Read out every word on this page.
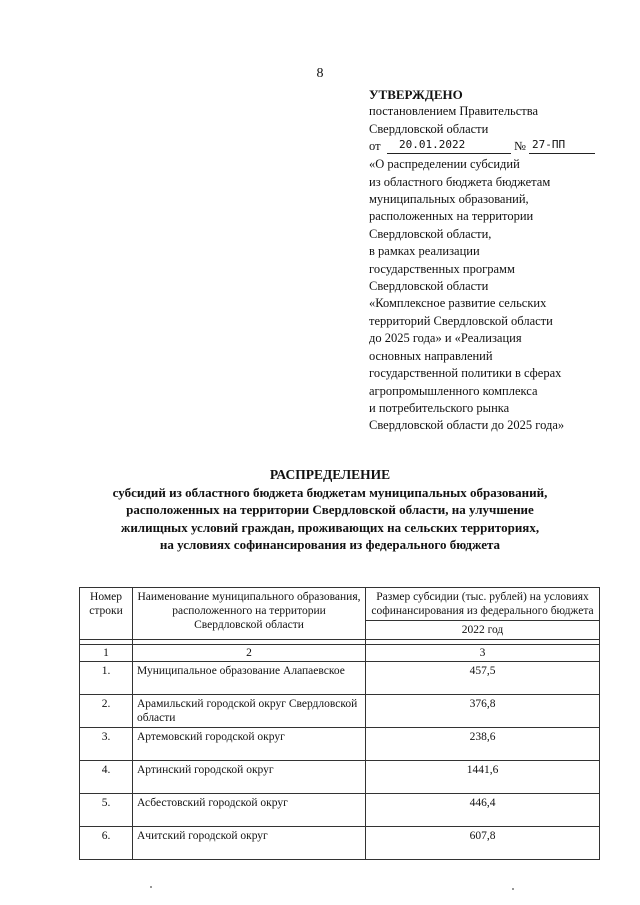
8
УТВЕРЖДЕНО
постановлением Правительства
Свердловской области
от 20.01.2022	№ 27-ПП
«О распределении субсидий
из областного бюджета бюджетам
муниципальных образований,
расположенных на территории
Свердловской области,
в рамках реализации
государственных программ
Свердловской области
«Комплексное развитие сельских
территорий Свердловской области
до 2025 года» и «Реализация
основных направлений
государственной политики в сферах
агропромышленного комплекса
и потребительского рынка
Свердловской области до 2025 года»
РАСПРЕДЕЛЕНИЕ
субсидий из областного бюджета бюджетам муниципальных образований,
расположенных на территории Свердловской области, на улучшение
жилищных условий граждан, проживающих на сельских территориях,
на условиях софинансирования из федерального бюджета
Номер строки	Наименование муниципального образования, расположенного на территории Свердловской области	Размер субсидии (тыс. рублей) на условиях софинансирования из федерального бюджета
		2022 год

1	2	3
1.	Муниципальное образование Алапаевское	457,5
2.	Арамильский городской округ Свердловской области	376,8
3.	Артемовский городской округ	238,6
4.	Артинский городской округ	1441,6
5.	Асбестовский городской округ	446,4
6.	Ачитский городской округ	607,8
